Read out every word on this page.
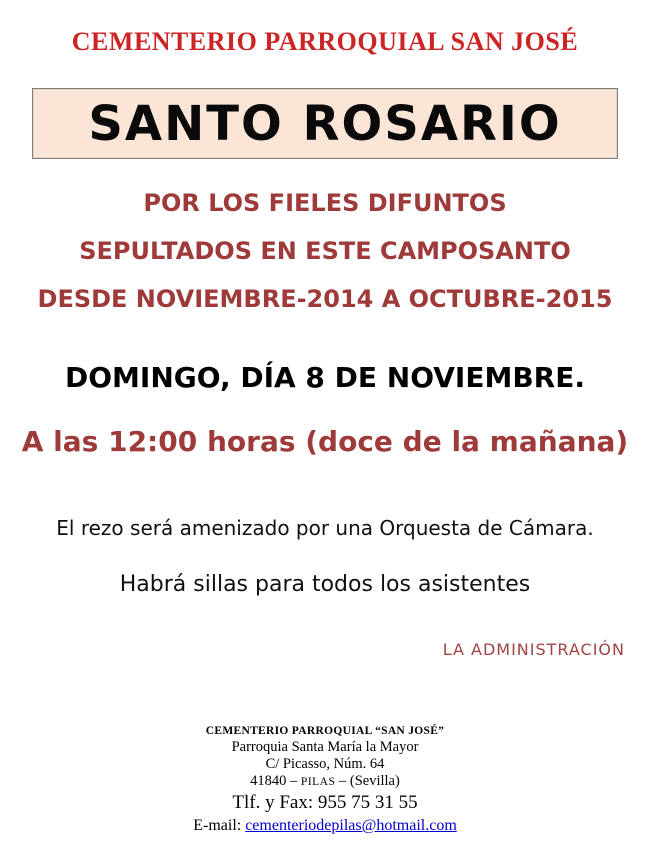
CEMENTERIO PARROQUIAL SAN JOSÉ
SANTO ROSARIO
POR LOS FIELES DIFUNTOS
SEPULTADOS EN ESTE CAMPOSANTO
DESDE NOVIEMBRE-2014 A OCTUBRE-2015
DOMINGO, DÍA 8 DE NOVIEMBRE.
A las 12:00 horas (doce de la mañana)
El rezo será amenizado por una Orquesta de Cámara.
Habrá sillas para todos los asistentes
LA ADMINISTRACIÓN
CEMENTERIO PARROQUIAL “SAN JOSÉ”
Parroquia Santa María la Mayor
C/ Picasso, Núm. 64
41840 – PILAS – (Sevilla)
Tlf. y Fax: 955 75 31 55
E-mail: cementeriodepilas@hotmail.com
